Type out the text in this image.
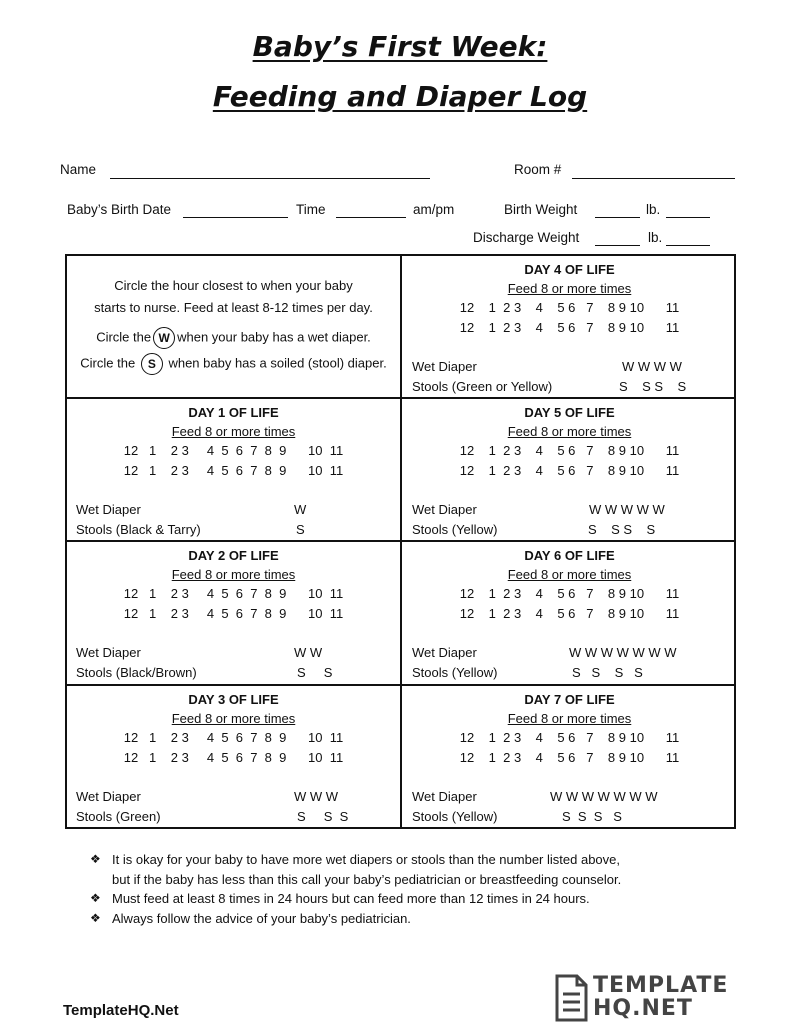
Baby’s First Week:
Feeding and Diaper Log
Name	Room #
Baby’s Birth Date	Time	am/pm	Birth Weight	lb.
Discharge Weight	lb.
Circle the hour closest to when your baby
starts to nurse. Feed at least 8-12 times per day.
Circle the W when your baby has a wet diaper.
Circle the S when baby has a soiled (stool) diaper.
DAY 1 OF LIFE
Feed 8 or more times
12   1    2 3     4  5  6  7  8  9      10  11
12   1    2 3     4  5  6  7  8  9      10  11
Wet Diaper	W
Stools (Black & Tarry)	S
DAY 2 OF LIFE
Feed 8 or more times
12   1    2 3     4  5  6  7  8  9      10  11
12   1    2 3     4  5  6  7  8  9      10  11
Wet Diaper	W W
Stools (Black/Brown)	S     S
DAY 3 OF LIFE
Feed 8 or more times
12   1    2 3     4  5  6  7  8  9      10  11
12   1    2 3     4  5  6  7  8  9      10  11
Wet Diaper	W W W
Stools (Green)	S     S  S
DAY 4 OF LIFE
Feed 8 or more times
12    1  2 3    4    5 6   7    8 9 10      11
12    1  2 3    4    5 6   7    8 9 10      11
Wet Diaper	W W W W
Stools (Green or Yellow)	S    S S    S
DAY 5 OF LIFE
Feed 8 or more times
12    1  2 3    4    5 6   7    8 9 10      11
12    1  2 3    4    5 6   7    8 9 10      11
Wet Diaper	W W W W W
Stools (Yellow)	S    S S    S
DAY 6 OF LIFE
Feed 8 or more times
12    1  2 3    4    5 6   7    8 9 10      11
12    1  2 3    4    5 6   7    8 9 10      11
Wet Diaper	W W W W W W W
Stools (Yellow)	S   S    S   S
DAY 7 OF LIFE
Feed 8 or more times
12    1  2 3    4    5 6   7    8 9 10      11
12    1  2 3    4    5 6   7    8 9 10      11
Wet Diaper	W W W W W W W
Stools (Yellow)	S  S  S   S
❖ It is okay for your baby to have more wet diapers or stools than the number listed above,
but if the baby has less than this call your baby’s pediatrician or breastfeeding counselor.
❖ Must feed at least 8 times in 24 hours but can feed more than 12 times in 24 hours.
❖ Always follow the advice of your baby’s pediatrician.
TemplateHQ.Net
TEMPLATE
HQ.NET
